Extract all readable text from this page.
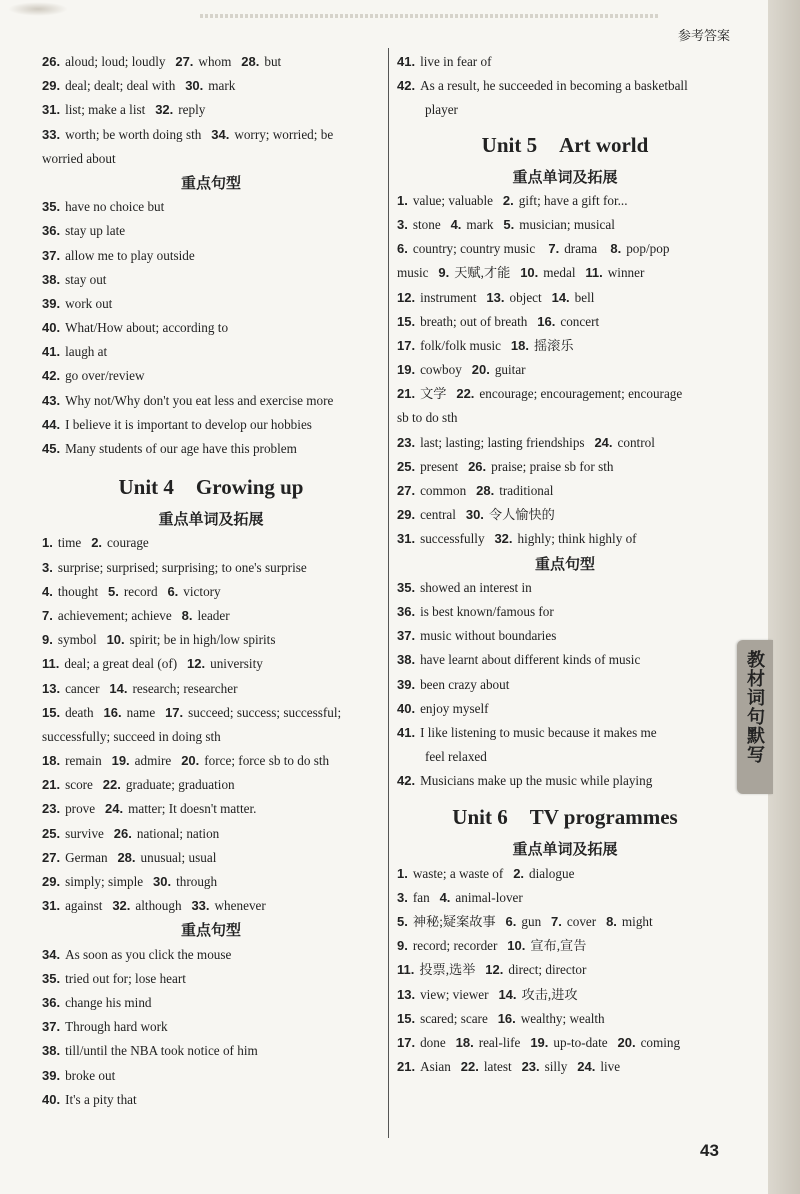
参考答案
26. aloud; loud; loudly 27. whom 28. but
29. deal; dealt; deal with 30. mark
31. list; make a list 32. reply
33. worth; be worth doing sth 34. worry; worried; be
worried about
重点句型
35. have no choice but
36. stay up late
37. allow me to play outside
38. stay out
39. work out
40. What/How about; according to
41. laugh at
42. go over/review
43. Why not/Why don't you eat less and exercise more
44. I believe it is important to develop our hobbies
45. Many students of our age have this problem
Unit 4 Growing up
重点单词及拓展
1. time 2. courage
3. surprise; surprised; surprising; to one's surprise
4. thought 5. record 6. victory
7. achievement; achieve 8. leader
9. symbol 10. spirit; be in high/low spirits
11. deal; a great deal (of) 12. university
13. cancer 14. research; researcher
15. death 16. name 17. succeed; success; successful;
successfully; succeed in doing sth
18. remain 19. admire 20. force; force sb to do sth
21. score 22. graduate; graduation
23. prove 24. matter; It doesn't matter.
25. survive 26. national; nation
27. German 28. unusual; usual
29. simply; simple 30. through
31. against 32. although 33. whenever
重点句型
34. As soon as you click the mouse
35. tried out for; lose heart
36. change his mind
37. Through hard work
38. till/until the NBA took notice of him
39. broke out
40. It's a pity that
41. live in fear of
42. As a result, he succeeded in becoming a basketball
player
Unit 5 Art world
重点单词及拓展
1. value; valuable 2. gift; have a gift for...
3. stone 4. mark 5. musician; musical
6. country; country music 7. drama 8. pop/pop
music 9. 天赋,才能 10. medal 11. winner
12. instrument 13. object 14. bell
15. breath; out of breath 16. concert
17. folk/folk music 18. 摇滚乐
19. cowboy 20. guitar
21. 文学 22. encourage; encouragement; encourage
sb to do sth
23. last; lasting; lasting friendships 24. control
25. present 26. praise; praise sb for sth
27. common 28. traditional
29. central 30. 令人愉快的
31. successfully 32. highly; think highly of
重点句型
35. showed an interest in
36. is best known/famous for
37. music without boundaries
38. have learnt about different kinds of music
39. been crazy about
40. enjoy myself
41. I like listening to music because it makes me
feel relaxed
42. Musicians make up the music while playing
Unit 6 TV programmes
重点单词及拓展
1. waste; a waste of 2. dialogue
3. fan 4. animal-lover
5. 神秘;疑案故事 6. gun 7. cover 8. might
9. record; recorder 10. 宣布,宣告
11. 投票,选举 12. direct; director
13. view; viewer 14. 攻击,进攻
15. scared; scare 16. wealthy; wealth
17. done 18. real-life 19. up-to-date 20. coming
21. Asian 22. latest 23. silly 24. live
教材词句默写
43
